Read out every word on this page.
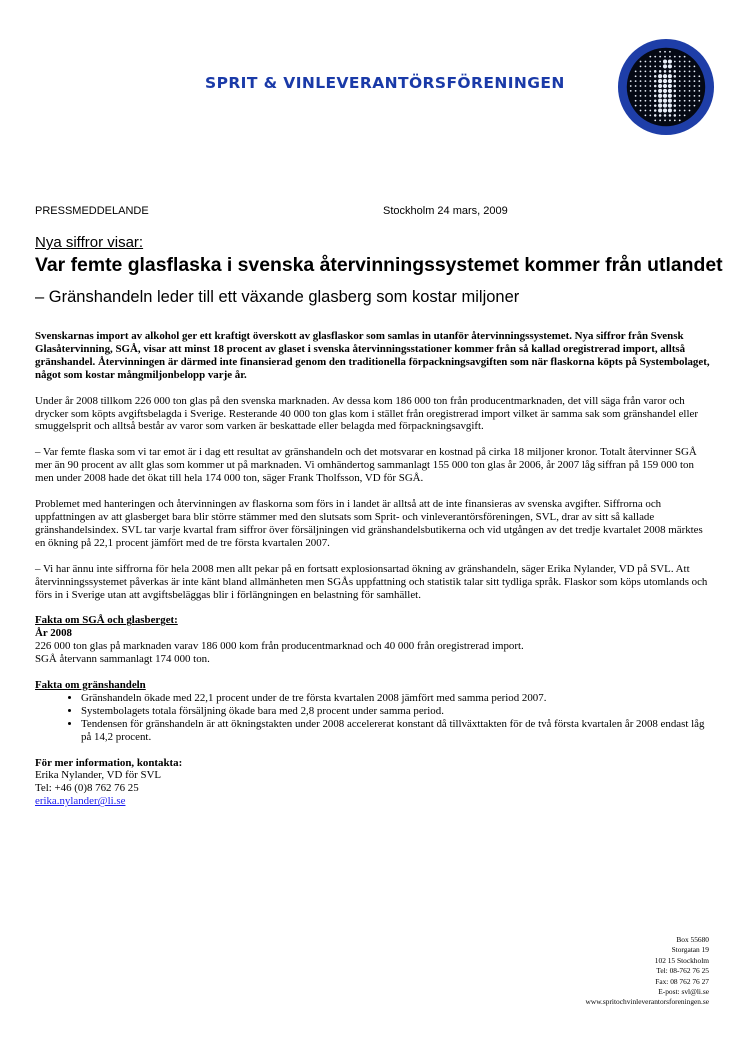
SPRIT & VINLEVERANTÖRSFÖRENINGEN
PRESSMEDDELANDE	Stockholm 24 mars, 2009
Nya siffror visar:
Var femte glasflaska i svenska återvinningssystemet kommer från utlandet
– Gränshandeln leder till ett växande glasberg som kostar miljoner

Svenskarnas import av alkohol ger ett kraftigt överskott av glasflaskor som samlas in utanför återvinningssystemet. Nya siffror från Svensk Glasåtervinning, SGÅ, visar att minst 18 procent av glaset i svenska återvinningsstationer kommer från så kallad oregistrerad import, alltså gränshandel. Återvinningen är därmed inte finansierad genom den traditionella förpackningsavgiften som när flaskorna köpts på Systembolaget, något som kostar mångmiljonbelopp varje år.

Under år 2008 tillkom 226 000 ton glas på den svenska marknaden. Av dessa kom 186 000 ton från producentmarknaden, det vill säga från varor och drycker som köpts avgiftsbelagda i Sverige. Resterande 40 000 ton glas kom i stället från oregistrerad import vilket är samma sak som gränshandel eller smuggelsprit och alltså består av varor som varken är beskattade eller belagda med förpackningsavgift.

– Var femte flaska som vi tar emot är i dag ett resultat av gränshandeln och det motsvarar en kostnad på cirka 18 miljoner kronor. Totalt återvinner SGÅ mer än 90 procent av allt glas som kommer ut på marknaden. Vi omhändertog sammanlagt 155 000 ton glas år 2006, år 2007 låg siffran på 159 000 ton men under 2008 hade det ökat till hela 174 000 ton, säger Frank Tholfsson, VD för SGÅ.

Problemet med hanteringen och återvinningen av flaskorna som förs in i landet är alltså att de inte finansieras av svenska avgifter. Siffrorna och uppfattningen av att glasberget bara blir större stämmer med den slutsats som Sprit- och vinleverantörsföreningen, SVL, drar av sitt så kallade gränshandelsindex. SVL tar varje kvartal fram siffror över försäljningen vid gränshandelsbutikerna och vid utgången av det tredje kvartalet 2008 märktes en ökning på 22,1 procent jämfört med de tre första kvartalen 2007.

– Vi har ännu inte siffrorna för hela 2008 men allt pekar på en fortsatt explosionsartad ökning av gränshandeln, säger Erika Nylander, VD på SVL. Att återvinningssystemet påverkas är inte känt bland allmänheten men SGÅs uppfattning och statistik talar sitt tydliga språk. Flaskor som köps utomlands och förs in i Sverige utan att avgiftsbeläggas blir i förlängningen en belastning för samhället.

Fakta om SGÅ och glasberget:
År 2008
226 000 ton glas på marknaden varav 186 000 kom från producentmarknad och 40 000 från oregistrerad import.
SGÅ återvann sammanlagt 174 000 ton.
Fakta om gränshandeln
• Gränshandeln ökade med 22,1 procent under de tre första kvartalen 2008 jämfört med samma period 2007.
• Systembolagets totala försäljning ökade bara med 2,8 procent under samma period.
• Tendensen för gränshandeln är att ökningstakten under 2008 accelererat konstant då tillväxttakten för de två första kvartalen år 2008 endast låg på 14,2 procent.
För mer information, kontakta:
Erika Nylander, VD för SVL
Tel: +46 (0)8 762 76 25
erika.nylander@li.se
Box 55680
Storgatan 19
102 15 Stockholm
Tel: 08-762 76 25
Fax: 08 762 76 27
E-post: svl@li.se
www.spritochvinleverantorsforeningen.se
